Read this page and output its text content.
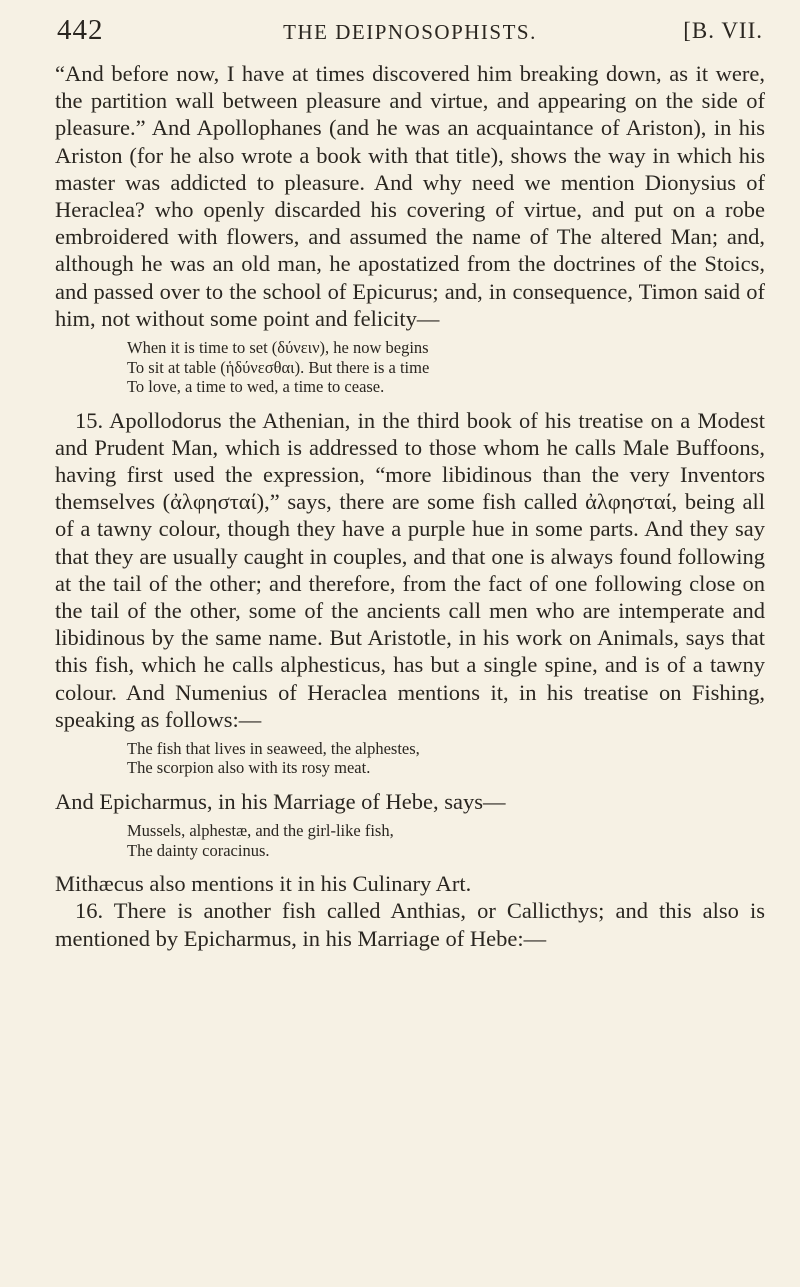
442	THE DEIPNOSOPHISTS.	[B. VII.

“And before now, I have at times discovered him breaking down, as it were, the partition wall between pleasure and virtue, and appearing on the side of pleasure.” And Apollophanes (and he was an acquaintance of Ariston), in his Ariston (for he also wrote a book with that title), shows the way in which his master was addicted to pleasure. And why need we mention Dionysius of Heraclea? who openly discarded his covering of virtue, and put on a robe embroidered with flowers, and assumed the name of The altered Man; and, although he was an old man, he apostatized from the doctrines of the Stoics, and passed over to the school of Epicurus; and, in consequence, Timon said of him, not without some point and felicity—

When it is time to set (δύνειν), he now begins
To sit at table (ἡδύνεσθαι). But there is a time
To love, a time to wed, a time to cease.

15. Apollodorus the Athenian, in the third book of his treatise on a Modest and Prudent Man, which is addressed to those whom he calls Male Buffoons, having first used the expression, “more libidinous than the very Inventors themselves (ἀλφησταί),” says, there are some fish called ἀλφησταί, being all of a tawny colour, though they have a purple hue in some parts. And they say that they are usually caught in couples, and that one is always found following at the tail of the other; and therefore, from the fact of one following close on the tail of the other, some of the ancients call men who are intemperate and libidinous by the same name. But Aristotle, in his work on Animals, says that this fish, which he calls alphesticus, has but a single spine, and is of a tawny colour. And Numenius of Heraclea mentions it, in his treatise on Fishing, speaking as follows:—

The fish that lives in seaweed, the alphestes,
The scorpion also with its rosy meat.

And Epicharmus, in his Marriage of Hebe, says—

Mussels, alphestæ, and the girl-like fish,
The dainty coracinus.

Mithæcus also mentions it in his Culinary Art.

16. There is another fish called Anthias, or Callicthys; and this also is mentioned by Epicharmus, in his Marriage of Hebe:—
